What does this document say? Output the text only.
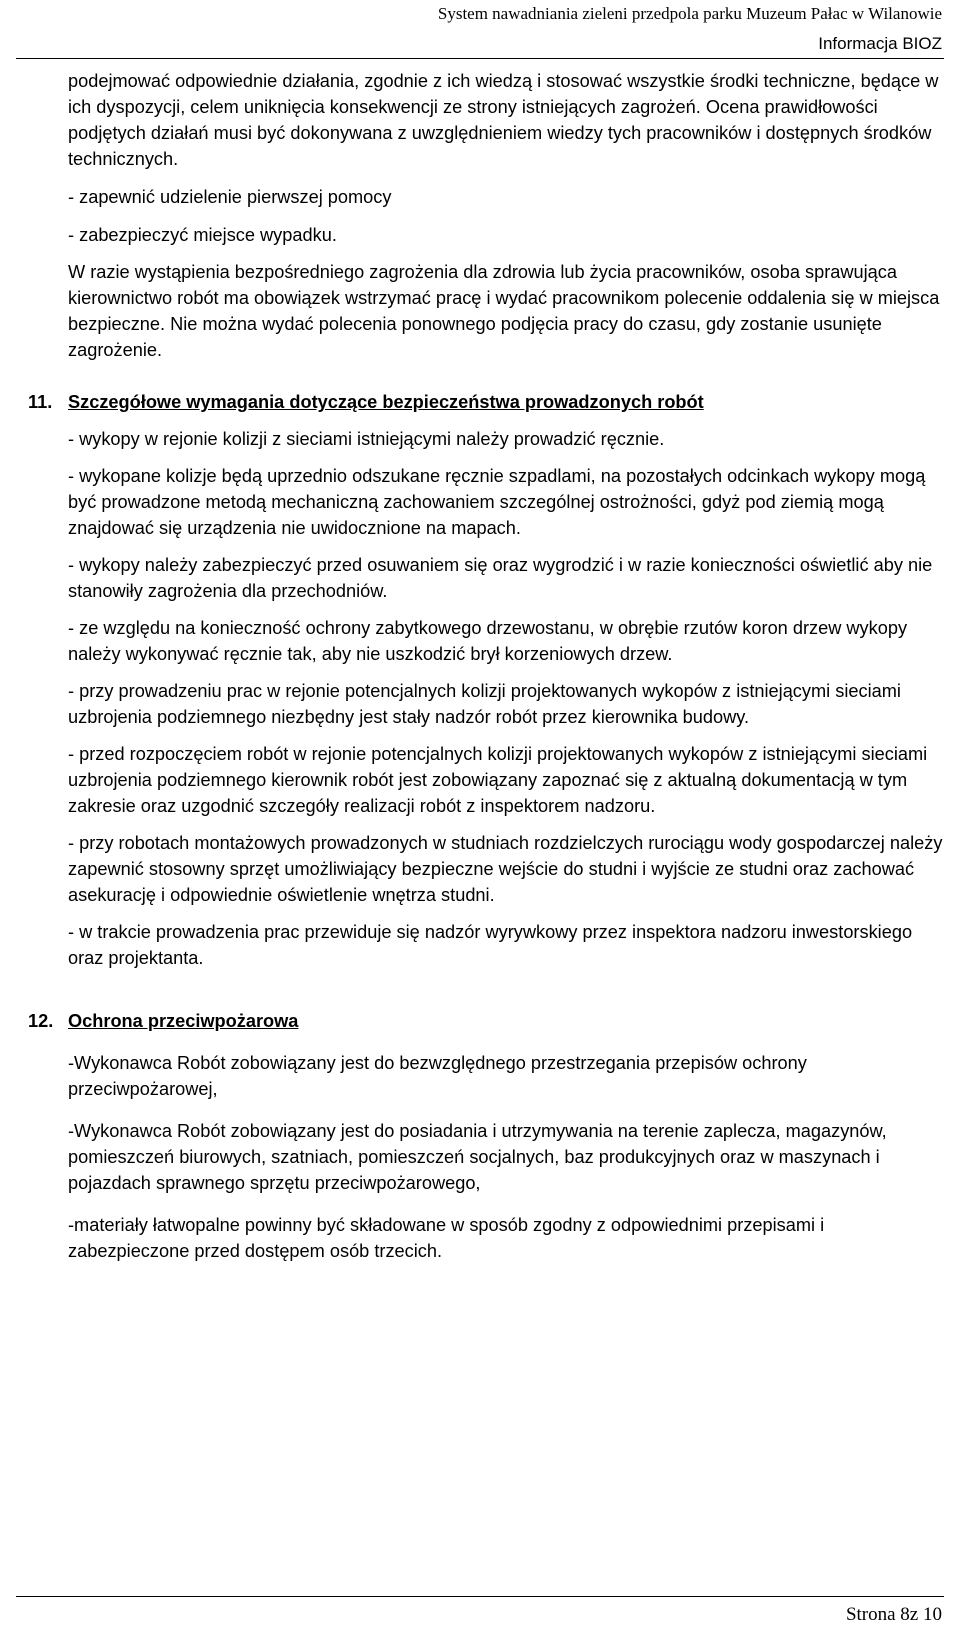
System nawadniania zieleni przedpola parku Muzeum Pałac w Wilanowie
Informacja BIOZ

podejmować odpowiednie działania, zgodnie z ich wiedzą i stosować wszystkie środki techniczne, będące w ich dyspozycji, celem uniknięcia konsekwencji ze strony istniejących zagrożeń. Ocena prawidłowości podjętych działań musi być dokonywana z uwzględnieniem wiedzy tych pracowników i dostępnych środków technicznych.

- zapewnić udzielenie pierwszej pomocy

- zabezpieczyć miejsce wypadku.

W razie wystąpienia bezpośredniego zagrożenia dla zdrowia lub życia pracowników, osoba sprawująca kierownictwo robót ma obowiązek wstrzymać pracę i wydać pracownikom polecenie oddalenia się w miejsca bezpieczne. Nie można wydać polecenia ponownego podjęcia pracy do czasu, gdy zostanie usunięte zagrożenie.

11. Szczegółowe wymagania dotyczące bezpieczeństwa prowadzonych robót

- wykopy w rejonie kolizji z sieciami istniejącymi należy prowadzić ręcznie.

- wykopane kolizje będą uprzednio odszukane ręcznie szpadlami, na pozostałych odcinkach wykopy mogą być prowadzone metodą mechaniczną zachowaniem szczególnej ostrożności, gdyż pod ziemią mogą znajdować się urządzenia nie uwidocznione na mapach.

- wykopy należy zabezpieczyć przed osuwaniem się oraz wygrodzić i w razie konieczności oświetlić aby nie stanowiły zagrożenia dla przechodniów.

- ze względu na konieczność ochrony zabytkowego drzewostanu, w obrębie rzutów koron drzew wykopy należy wykonywać ręcznie tak, aby nie uszkodzić brył korzeniowych drzew.

- przy prowadzeniu prac w rejonie potencjalnych kolizji projektowanych wykopów z istniejącymi sieciami uzbrojenia podziemnego niezbędny jest stały nadzór robót przez kierownika budowy.

- przed rozpoczęciem robót w rejonie potencjalnych kolizji projektowanych wykopów z istniejącymi sieciami uzbrojenia podziemnego kierownik robót jest zobowiązany zapoznać się z aktualną dokumentacją w tym zakresie oraz uzgodnić szczegóły realizacji robót z inspektorem nadzoru.

- przy robotach montażowych prowadzonych w studniach rozdzielczych rurociągu wody gospodarczej należy zapewnić stosowny sprzęt umożliwiający bezpieczne wejście do studni i wyjście ze studni oraz zachować asekurację i odpowiednie oświetlenie wnętrza studni.

- w trakcie prowadzenia prac przewiduje się nadzór wyrywkowy przez inspektora nadzoru inwestorskiego oraz projektanta.

12. Ochrona przeciwpożarowa

-Wykonawca Robót zobowiązany jest do bezwzględnego przestrzegania przepisów ochrony przeciwpożarowej,

-Wykonawca Robót zobowiązany jest do posiadania i utrzymywania na terenie zaplecza, magazynów, pomieszczeń biurowych, szatniach, pomieszczeń socjalnych, baz produkcyjnych oraz w maszynach i pojazdach sprawnego sprzętu przeciwpożarowego,

-materiały łatwopalne powinny być składowane w sposób zgodny z odpowiednimi przepisami i zabezpieczone przed dostępem osób trzecich.

Strona 8z 10
